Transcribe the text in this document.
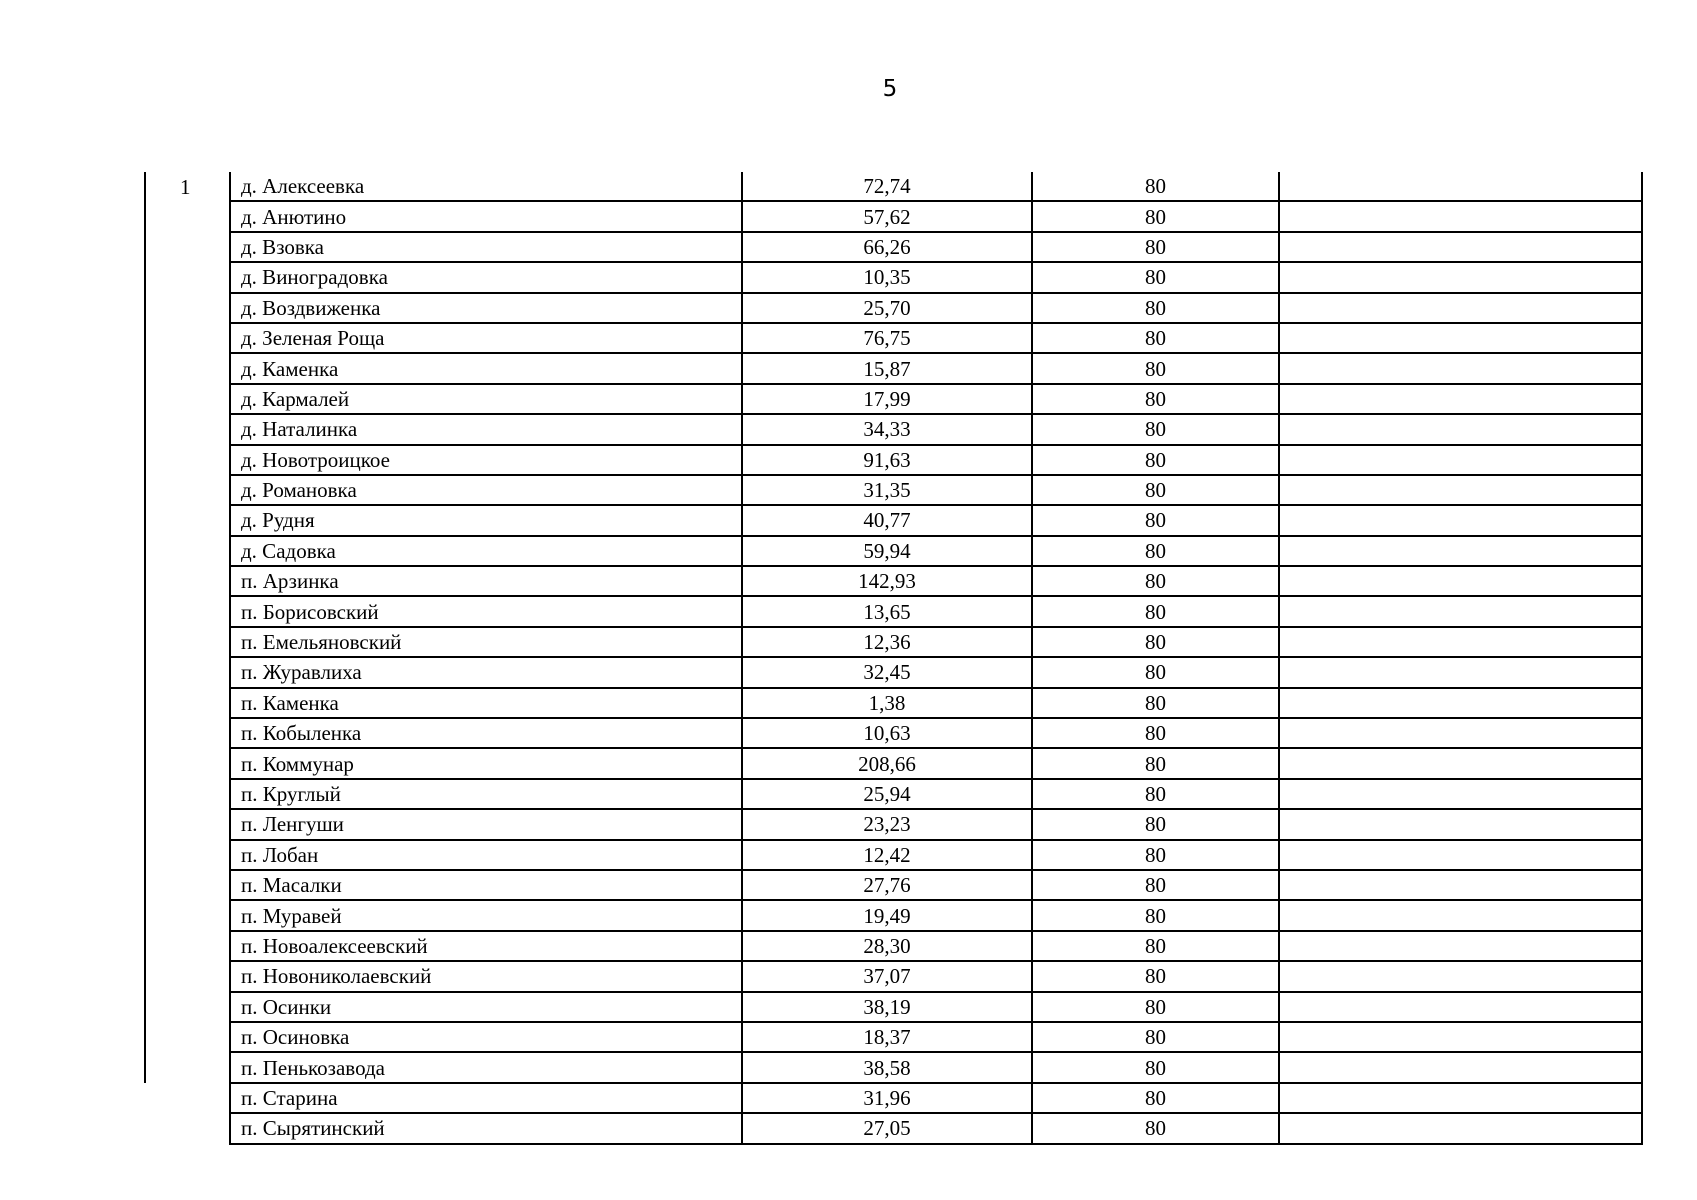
5
1 д. Алексеевка	72,74	80	
д. Анютино	57,62	80	
д. Взовка	66,26	80	
д. Виноградовка	10,35	80	
д. Воздвиженка	25,70	80	
д. Зеленая Роща	76,75	80	
д. Каменка	15,87	80	
д. Кармалей	17,99	80	
д. Наталинка	34,33	80	
д. Новотроицкое	91,63	80	
д. Романовка	31,35	80	
д. Рудня	40,77	80	
д. Садовка	59,94	80	
п. Арзинка	142,93	80	
п. Борисовский	13,65	80	
п. Емельяновский	12,36	80	
п. Журавлиха	32,45	80	
п. Каменка	1,38	80	
п. Кобыленка	10,63	80	
п. Коммунар	208,66	80	
п. Круглый	25,94	80	
п. Ленгуши	23,23	80	
п. Лобан	12,42	80	
п. Масалки	27,76	80	
п. Муравей	19,49	80	
п. Новоалексеевский	28,30	80	
п. Новониколаевский	37,07	80	
п. Осинки	38,19	80	
п. Осиновка	18,37	80	
п. Пенькозавода	38,58	80	
п. Старина	31,96	80	
п. Сырятинский	27,05	80	
